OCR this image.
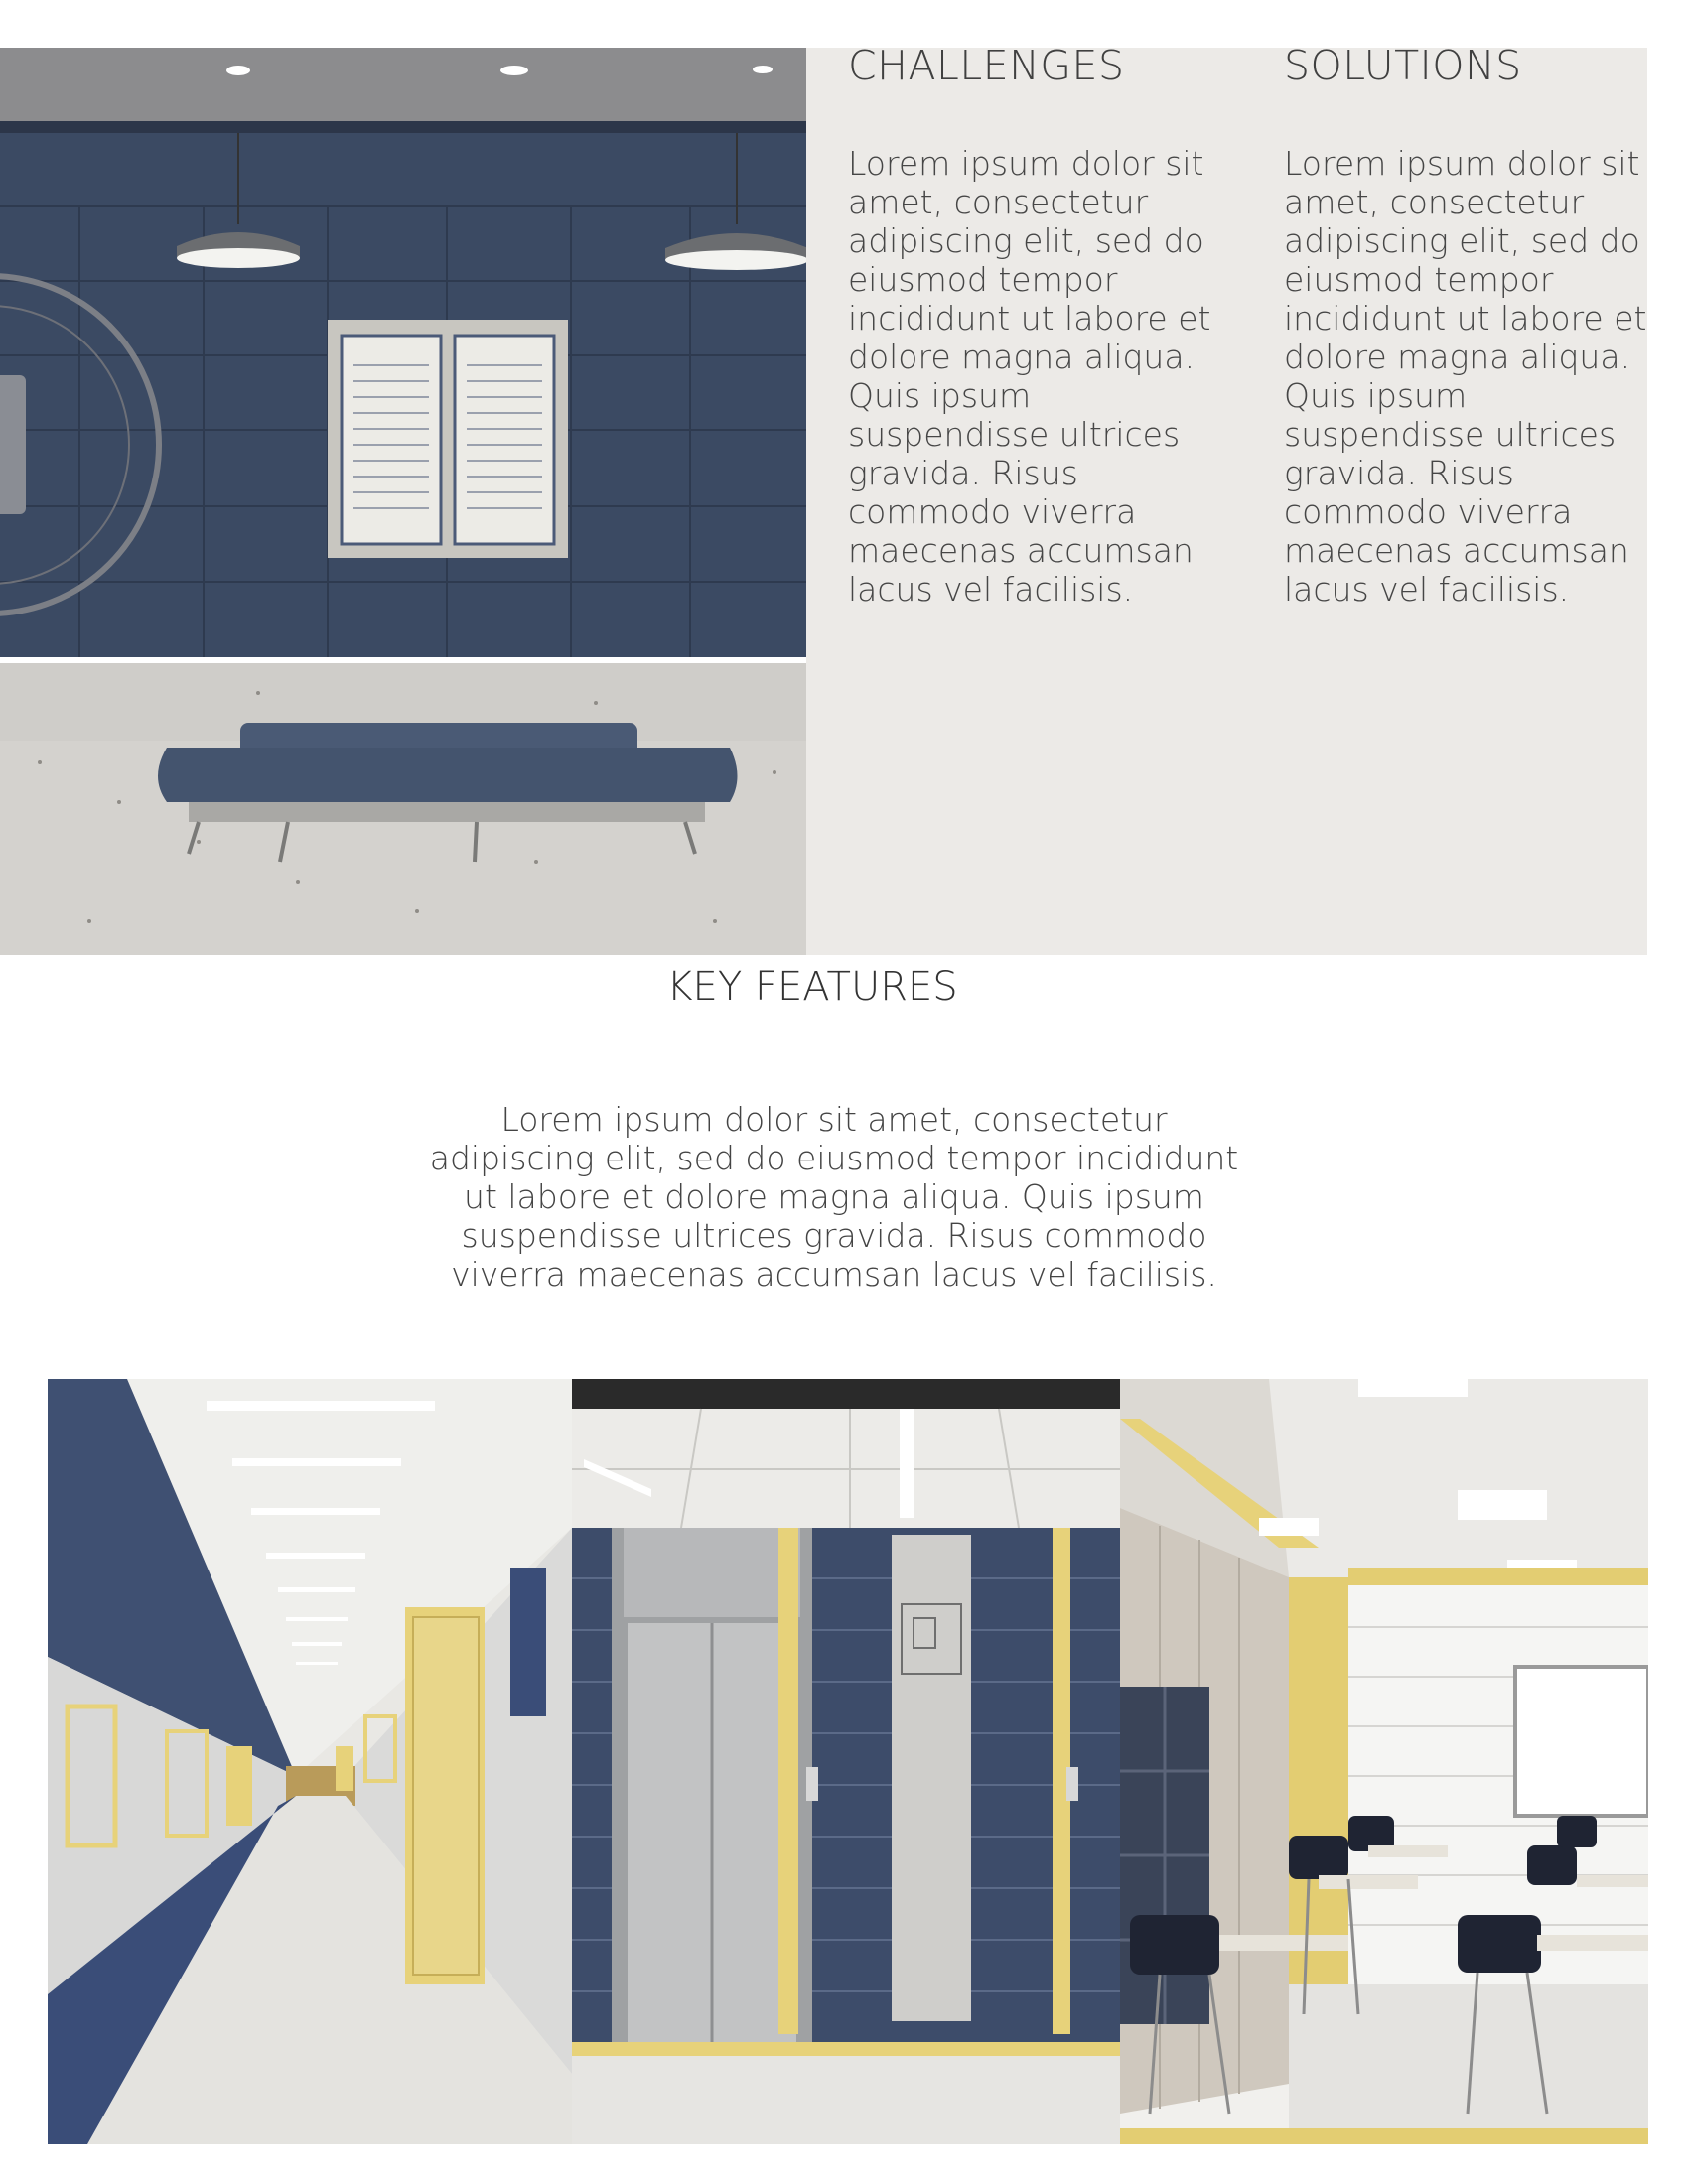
CHALLENGES
Lorem ipsum dolor sit amet, consectetur adipiscing elit, sed do eiusmod tempor incididunt ut labore et dolore magna aliqua. Quis ipsum suspendisse ultrices gravida. Risus commodo viverra maecenas accumsan lacus vel facilisis.
SOLUTIONS
Lorem ipsum dolor sit amet, consectetur adipiscing elit, sed do eiusmod tempor incididunt ut labore et dolore magna aliqua. Quis ipsum suspendisse ultrices gravida. Risus commodo viverra maecenas accumsan lacus vel facilisis.
KEY FEATURES
Lorem ipsum dolor sit amet, consectetur adipiscing elit, sed do eiusmod tempor incididunt ut labore et dolore magna aliqua. Quis ipsum suspendisse ultrices gravida. Risus commodo viverra maecenas accumsan lacus vel facilisis.
